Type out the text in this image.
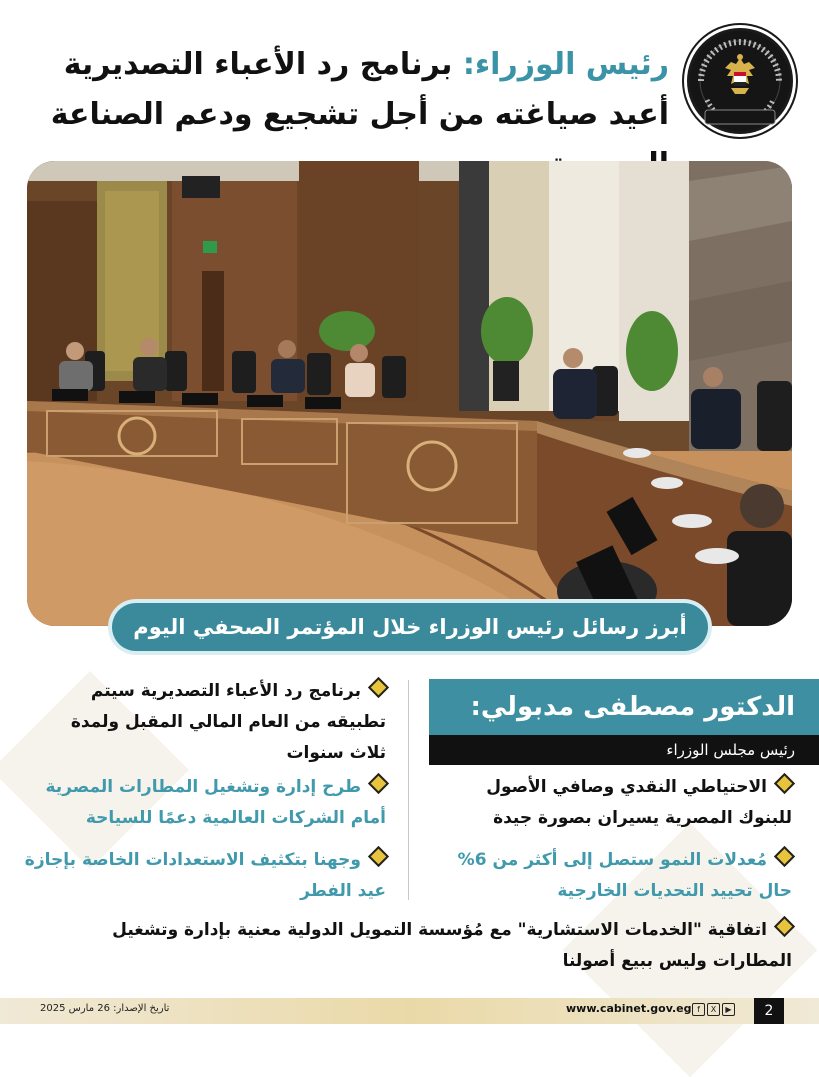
رئيس الوزراء: برنامج رد الأعباء التصديرية أعيد صياغته من أجل تشجيع ودعم الصناعة
أبرز رسائل رئيس الوزراء خلال المؤتمر الصحفي اليوم
الدكتور مصطفى مدبولي:
رئيس مجلس الوزراء
برنامج رد الأعباء التصديرية سيتم تطبيقه من العام المالي المقبل ولمدة ثلاث سنوات
طرح إدارة وتشغيل المطارات المصرية أمام الشركات العالمية دعمًا للسياحة
وجهنا بتكثيف الاستعدادات الخاصة بإجازة عيد الفطر
الاحتياطي النقدي وصافي الأصول للبنوك المصرية يسيران بصورة جيدة
مُعدلات النمو ستصل إلى أكثر من 6% حال تحييد التحديات الخارجية
اتفاقية "الخدمات الاستشارية" مع مُؤسسة التمويل الدولية معنية بإدارة وتشغيل المطارات وليس ببيع أصولنا
تاريخ الإصدار: 26 مارس 2025	www.cabinet.gov.eg f	X	▶	2
